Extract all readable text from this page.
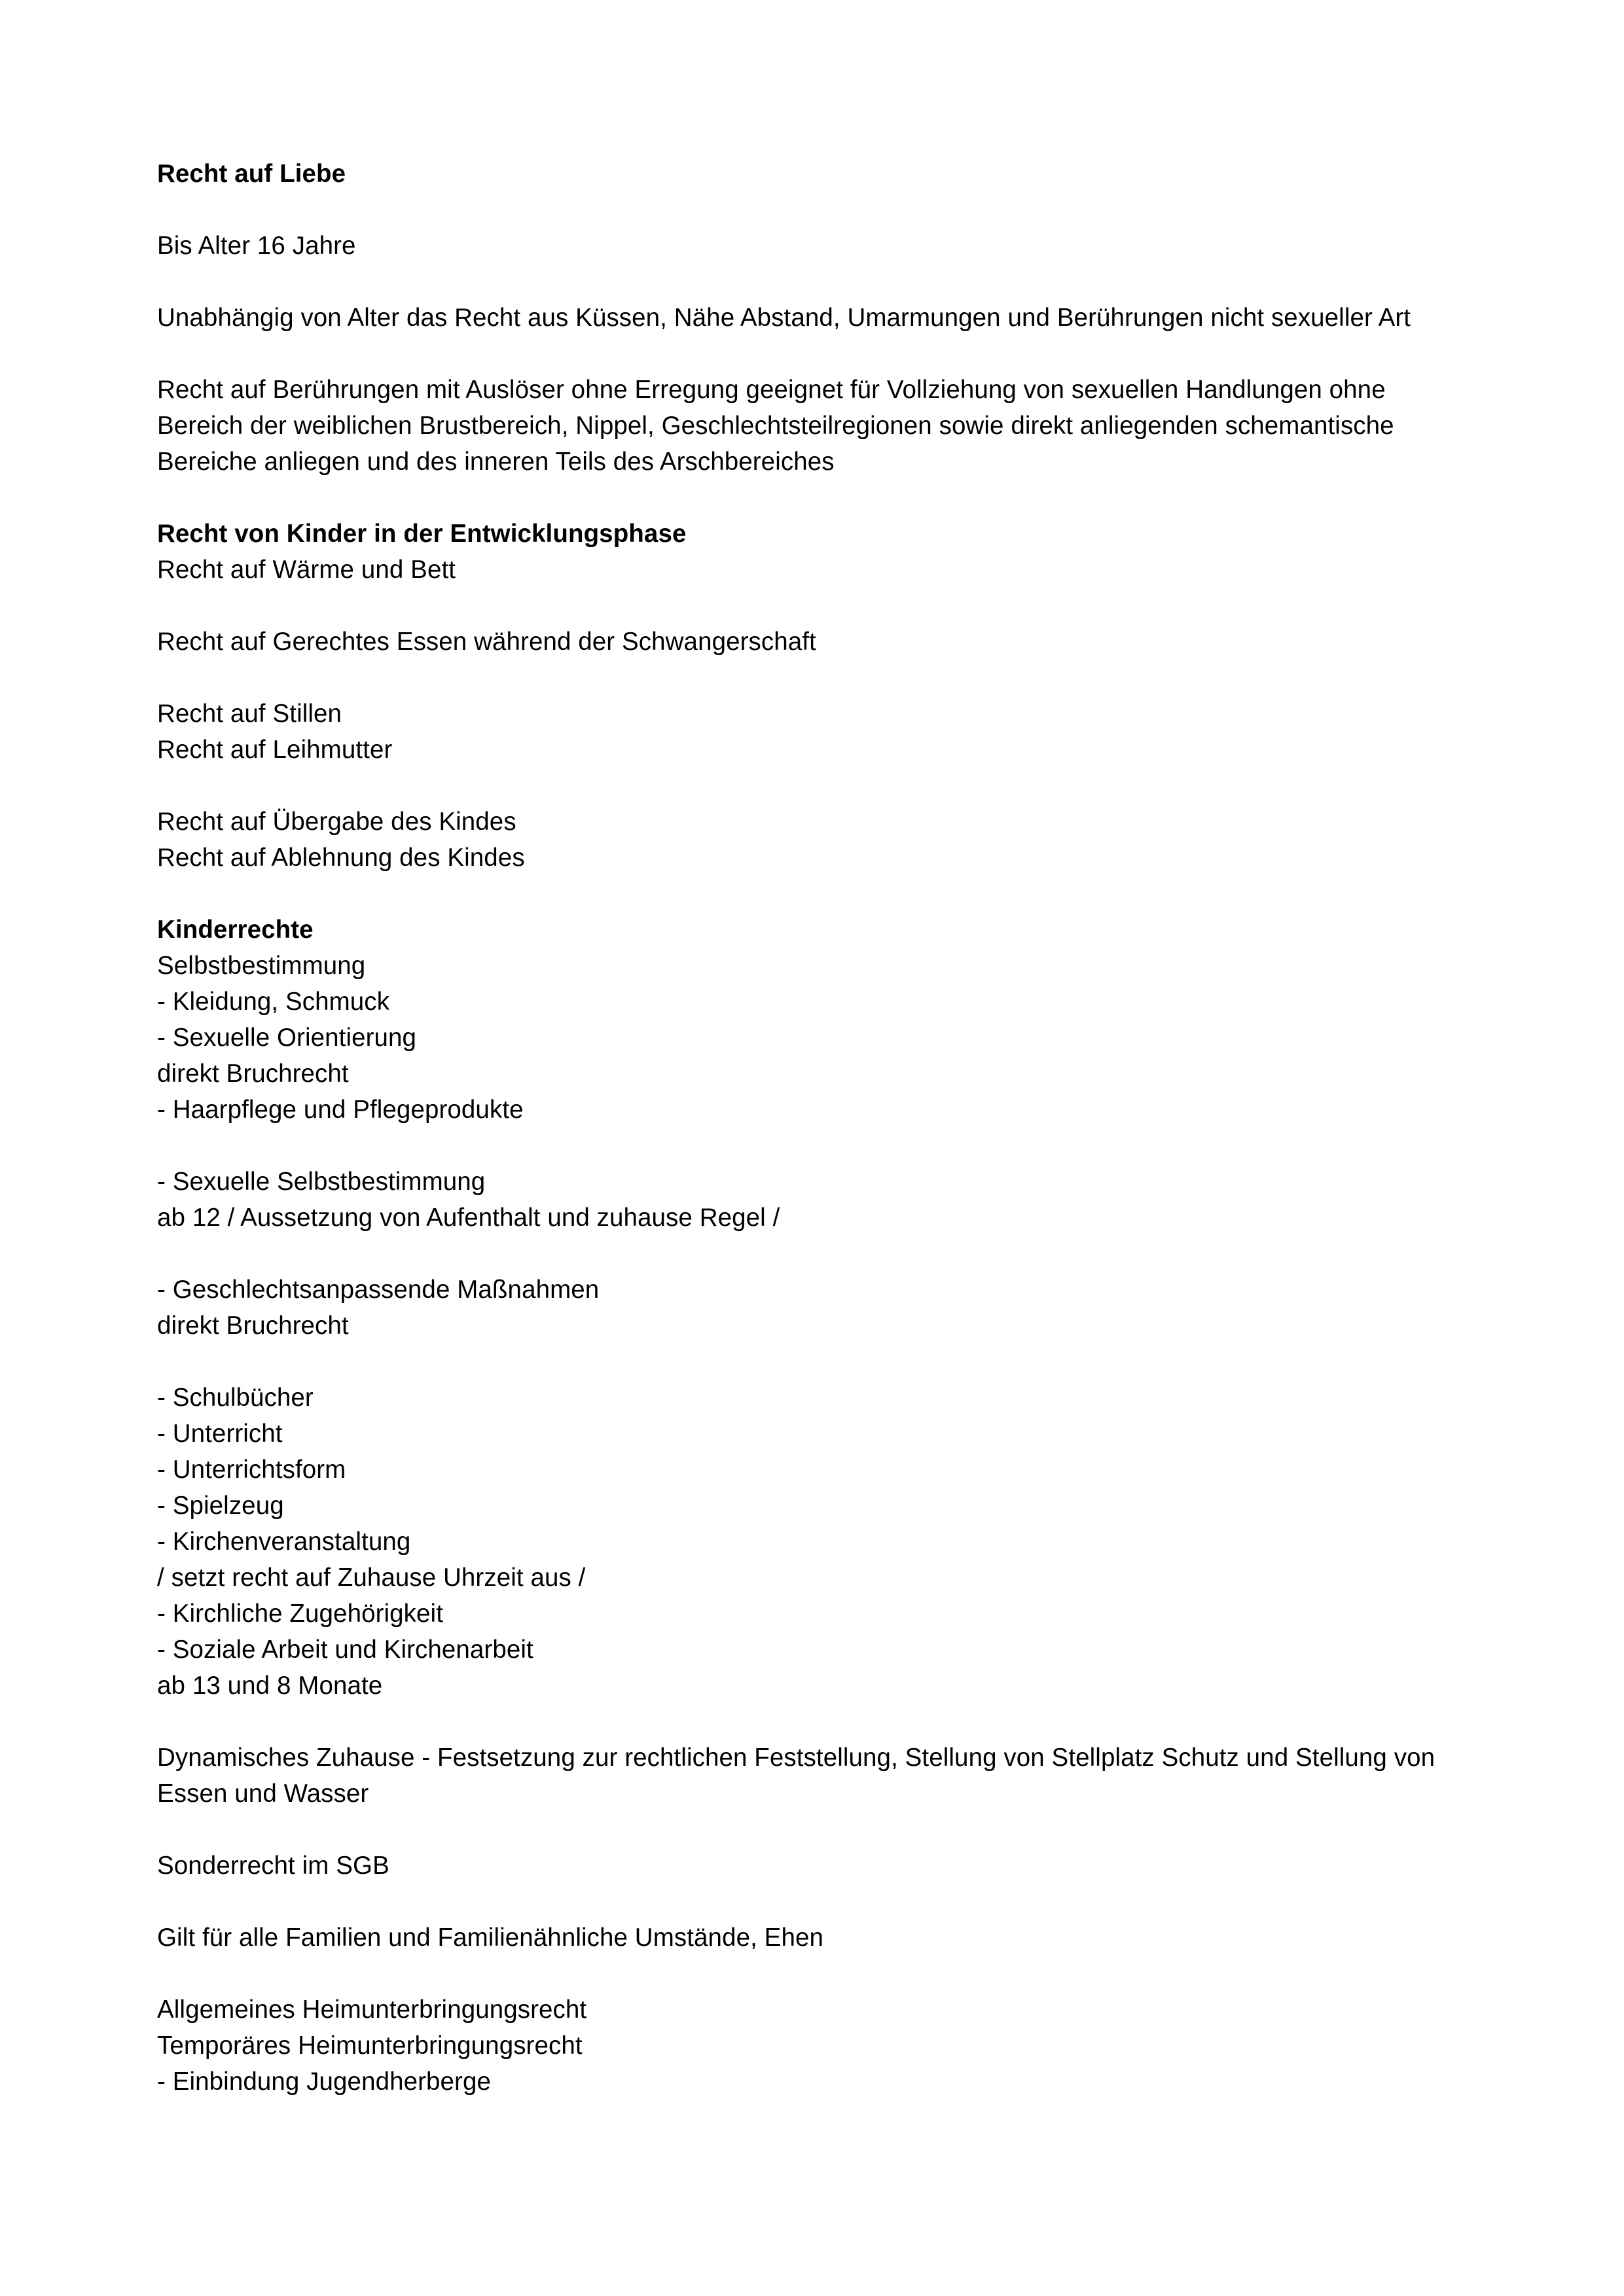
Recht auf Liebe
Bis Alter 16 Jahre
Unabhängig von Alter das Recht aus Küssen, Nähe Abstand, Umarmungen und Berührungen nicht sexueller Art
Recht auf Berührungen mit Auslöser ohne Erregung geeignet für Vollziehung von sexuellen Handlungen ohne Bereich der weiblichen Brustbereich, Nippel, Geschlechtsteilregionen sowie direkt anliegenden schemantische Bereiche anliegen und des inneren Teils des Arschbereiches
Recht von Kinder in der Entwicklungsphase
Recht auf Wärme und Bett
Recht auf Gerechtes Essen während der Schwangerschaft
Recht auf Stillen
Recht auf Leihmutter
Recht auf Übergabe des Kindes
Recht auf Ablehnung des Kindes
Kinderrechte
Selbstbestimmung
- Kleidung, Schmuck
- Sexuelle Orientierung
direkt Bruchrecht
- Haarpflege und Pflegeprodukte
- Sexuelle Selbstbestimmung
ab 12 / Aussetzung von Aufenthalt und zuhause Regel /
- Geschlechtsanpassende Maßnahmen
direkt Bruchrecht
- Schulbücher
- Unterricht
- Unterrichtsform
- Spielzeug
- Kirchenveranstaltung
/ setzt recht auf Zuhause Uhrzeit aus /
- Kirchliche Zugehörigkeit
- Soziale Arbeit und Kirchenarbeit
ab 13 und 8 Monate
Dynamisches Zuhause - Festsetzung zur rechtlichen Feststellung, Stellung von Stellplatz Schutz und Stellung von Essen und Wasser
Sonderrecht im SGB
Gilt für alle Familien und Familienähnliche Umstände, Ehen
Allgemeines Heimunterbringungsrecht
Temporäres Heimunterbringungsrecht
- Einbindung Jugendherberge
